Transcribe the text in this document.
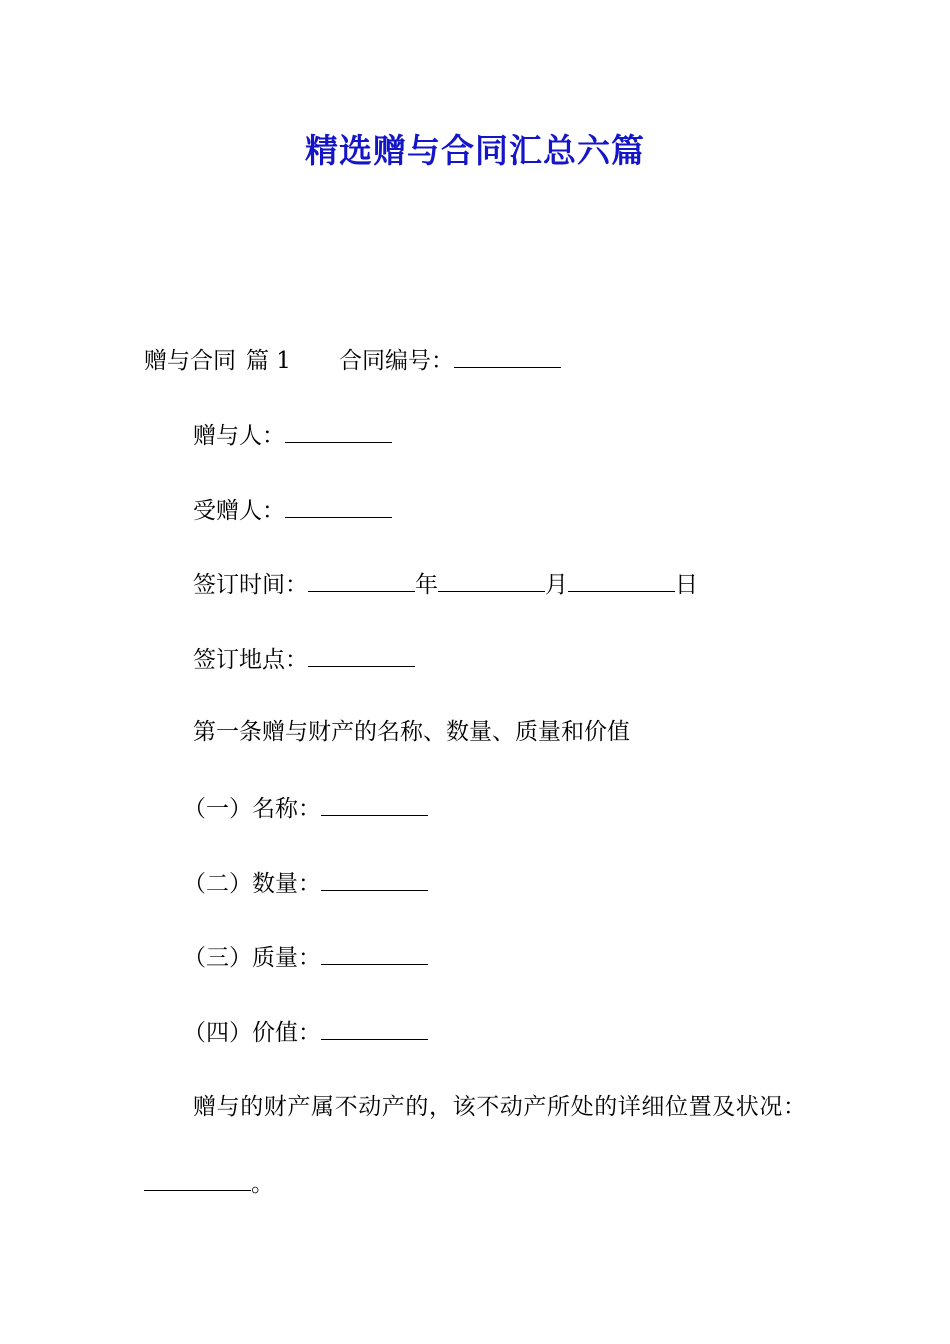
精选赠与合同汇总六篇
赠与合同 篇 1 合同编号：
赠与人：
受赠人：
签订时间：	年	月	日
签订地点：
第一条赠与财产的名称、数量、质量和价值
（一）名称：
（二）数量：
（三）质量：
（四）价值：
赠与的财产属不动产的，该不动产所处的详细位置及状况：
。
